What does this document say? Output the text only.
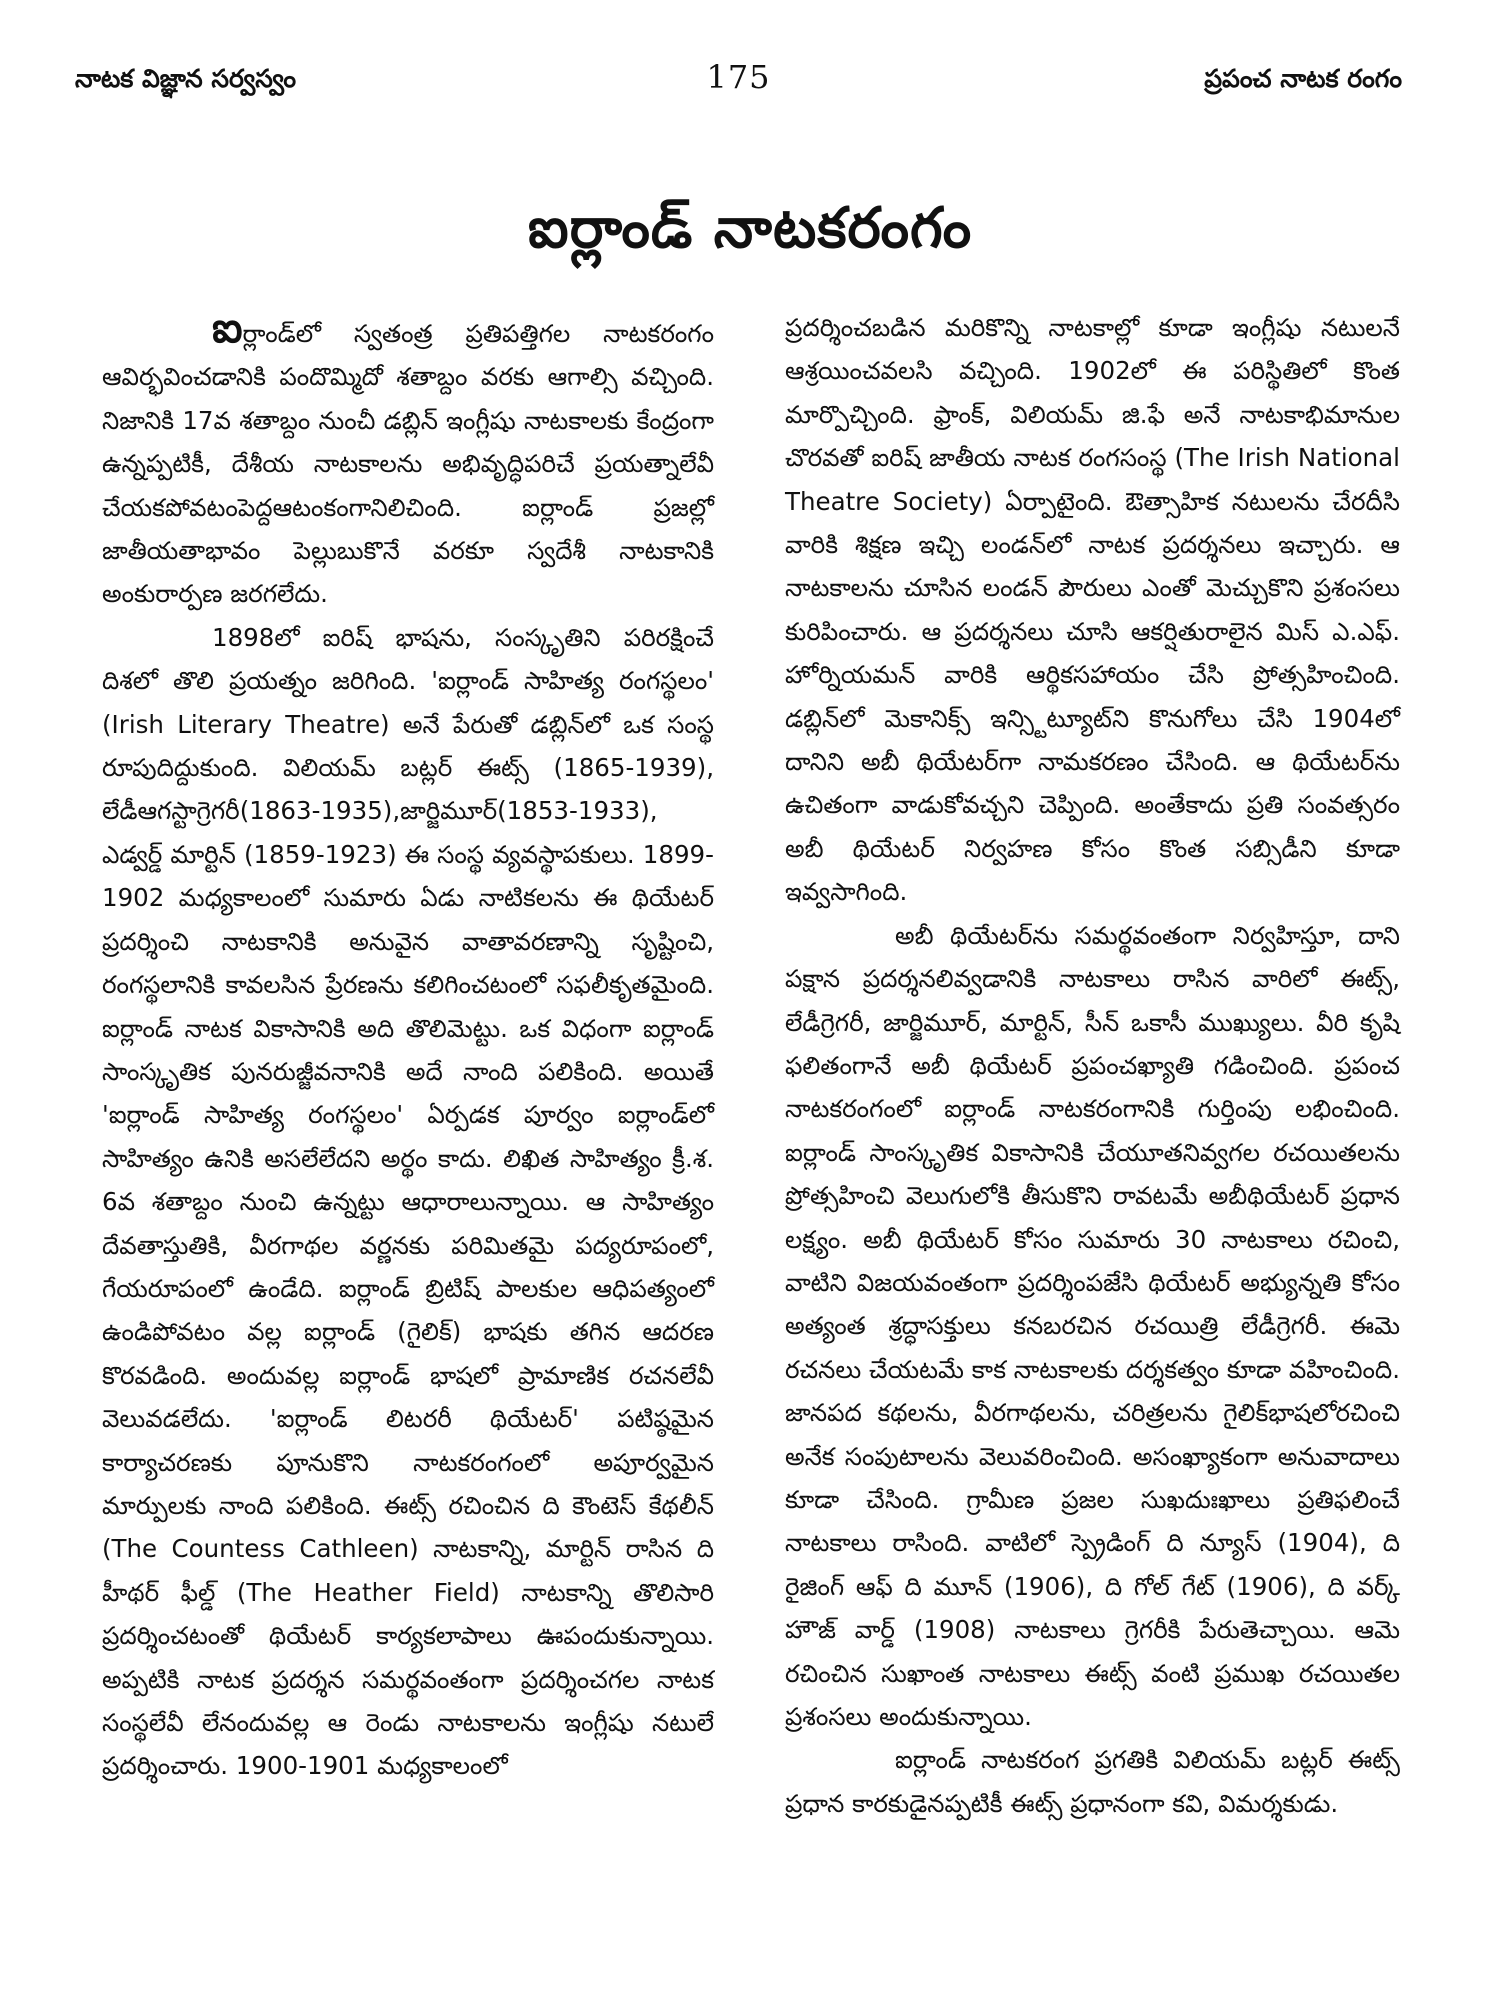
నాటక విజ్ఞాన సర్వస్వం	175	ప్రపంచ నాటక రంగం
ఐర్లాండ్ నాటకరంగం

ఐర్లాండ్‌లో స్వతంత్ర ప్రతిపత్తిగల నాటకరంగం ఆవిర్భవించడానికి పందొమ్మిదో శతాబ్దం వరకు ఆగాల్సి వచ్చింది. నిజానికి 17వ శతాబ్దం నుంచీ డబ్లిన్ ఇంగ్లీషు నాటకాలకు కేంద్రంగా ఉన్నప్పటికీ, దేశీయ నాటకాలను అభివృద్ధిపరిచే ప్రయత్నాలేవీ చేయకపోవటంపెద్దఆటంకంగానిలిచింది. ఐర్లాండ్ ప్రజల్లో జాతీయతాభావం పెల్లుబుకొనే వరకూ స్వదేశీ నాటకానికి అంకురార్పణ జరగలేదు.

1898లో ఐరిష్ భాషను, సంస్కృతిని పరిరక్షించే దిశలో తొలి ప్రయత్నం జరిగింది. 'ఐర్లాండ్ సాహిత్య రంగస్థలం' (Irish Literary Theatre) అనే పేరుతో డబ్లిన్‌లో ఒక సంస్థ రూపుదిద్దుకుంది. విలియమ్ బట్లర్ ఈట్స్ (1865-1939), లేడీఆగస్టాగ్రెగరీ(1863-1935),జార్జిమూర్(1853-1933), ఎడ్వర్డ్ మార్టిన్ (1859-1923) ఈ సంస్థ వ్యవస్థాపకులు. 1899-1902 మధ్యకాలంలో సుమారు ఏడు నాటికలను ఈ థియేటర్ ప్రదర్శించి నాటకానికి అనువైన వాతావరణాన్ని సృష్టించి, రంగస్థలానికి కావలసిన ప్రేరణను కలిగించటంలో సఫలీకృతమైంది. ఐర్లాండ్ నాటక వికాసానికి అది తొలిమెట్టు. ఒక విధంగా ఐర్లాండ్ సాంస్కృతిక పునరుజ్జీవనానికి అదే నాంది పలికింది. అయితే 'ఐర్లాండ్ సాహిత్య రంగస్థలం' ఏర్పడక పూర్వం ఐర్లాండ్‌లో సాహిత్యం ఉనికి అసలేలేదని అర్థం కాదు. లిఖిత సాహిత్యం క్రీ.శ. 6వ శతాబ్దం నుంచి ఉన్నట్టు ఆధారాలున్నాయి. ఆ సాహిత్యం దేవతాస్తుతికి, వీరగాథల వర్ణనకు పరిమితమై పద్యరూపంలో, గేయరూపంలో ఉండేది. ఐర్లాండ్ బ్రిటిష్ పాలకుల ఆధిపత్యంలో ఉండిపోవటం వల్ల ఐర్లాండ్ (గైలిక్) భాషకు తగిన ఆదరణ కొరవడింది. అందువల్ల ఐర్లాండ్ భాషలో ప్రామాణిక రచనలేవీ వెలువడలేదు. 'ఐర్లాండ్ లిటరరీ థియేటర్' పటిష్ఠమైన కార్యాచరణకు పూనుకొని నాటకరంగంలో అపూర్వమైన మార్పులకు నాంది పలికింది. ఈట్స్ రచించిన ది కౌంటెస్ కేథలీన్ (The Countess Cathleen) నాటకాన్ని, మార్టిన్ రాసిన ది హీథర్ ఫీల్డ్ (The Heather Field) నాటకాన్ని తొలిసారి ప్రదర్శించటంతో థియేటర్ కార్యకలాపాలు ఊపందుకున్నాయి. అప్పటికి నాటక ప్రదర్శన సమర్థవంతంగా ప్రదర్శించగల నాటక సంస్థలేవీ లేనందువల్ల ఆ రెండు నాటకాలను ఇంగ్లీషు నటులే ప్రదర్శించారు. 1900-1901 మధ్యకాలంలో

ప్రదర్శించబడిన మరికొన్ని నాటకాల్లో కూడా ఇంగ్లీషు నటులనే ఆశ్రయించవలసి వచ్చింది. 1902లో ఈ పరిస్థితిలో కొంత మార్పొచ్చింది. ఫ్రాంక్, విలియమ్ జి.ఫే అనే నాటకాభిమానుల చొరవతో ఐరిష్ జాతీయ నాటక రంగసంస్థ (The Irish National Theatre Society) ఏర్పాటైంది. ఔత్సాహిక నటులను చేరదీసి వారికి శిక్షణ ఇచ్చి లండన్‌లో నాటక ప్రదర్శనలు ఇచ్చారు. ఆ నాటకాలను చూసిన లండన్ పౌరులు ఎంతో మెచ్చుకొని ప్రశంసలు కురిపించారు. ఆ ప్రదర్శనలు చూసి ఆకర్షితురాలైన మిస్ ఎ.ఎఫ్. హోర్నియమన్ వారికి ఆర్థికసహాయం చేసి ప్రోత్సహించింది. డబ్లిన్‌లో మెకానిక్స్ ఇన్స్టిట్యూట్‌ని కొనుగోలు చేసి 1904లో దానిని అబీ థియేటర్‌గా నామకరణం చేసింది. ఆ థియేటర్‌ను ఉచితంగా వాడుకోవచ్చని చెప్పింది. అంతేకాదు ప్రతి సంవత్సరం అబీ థియేటర్ నిర్వహణ కోసం కొంత సబ్సిడీని కూడా ఇవ్వసాగింది.

అబీ థియేటర్‌ను సమర్థవంతంగా నిర్వహిస్తూ, దాని పక్షాన ప్రదర్శనలివ్వడానికి నాటకాలు రాసిన వారిలో ఈట్స్, లేడీగ్రెగరీ, జార్జిమూర్, మార్టిన్, సీన్ ఒకాసీ ముఖ్యులు. వీరి కృషి ఫలితంగానే అబీ థియేటర్ ప్రపంచఖ్యాతి గడించింది. ప్రపంచ నాటకరంగంలో ఐర్లాండ్ నాటకరంగానికి గుర్తింపు లభించింది. ఐర్లాండ్ సాంస్కృతిక వికాసానికి చేయూతనివ్వగల రచయితలను ప్రోత్సహించి వెలుగులోకి తీసుకొని రావటమే అబీథియేటర్ ప్రధాన లక్ష్యం. అబీ థియేటర్ కోసం సుమారు 30 నాటకాలు రచించి, వాటిని విజయవంతంగా ప్రదర్శింపజేసి థియేటర్ అభ్యున్నతి కోసం అత్యంత శ్రద్ధాసక్తులు కనబరచిన రచయిత్రి లేడీగ్రెగరీ. ఈమె రచనలు చేయటమే కాక నాటకాలకు దర్శకత్వం కూడా వహించింది. జానపద కథలను, వీరగాథలను, చరిత్రలను గైలిక్‌భాషలోరచించి అనేక సంపుటాలను వెలువరించింది. అసంఖ్యాకంగా అనువాదాలు కూడా చేసింది. గ్రామీణ ప్రజల సుఖదుఃఖాలు ప్రతిఫలించే నాటకాలు రాసింది. వాటిలో స్ప్రెడింగ్ ది న్యూస్ (1904), ది రైజింగ్ ఆఫ్ ది మూన్ (1906), ది గోల్ గేట్ (1906), ది వర్క్ హౌజ్ వార్డ్ (1908) నాటకాలు గ్రెగరీకి పేరుతెచ్చాయి. ఆమె రచించిన సుఖాంత నాటకాలు ఈట్స్ వంటి ప్రముఖ రచయితల ప్రశంసలు అందుకున్నాయి.

ఐర్లాండ్ నాటకరంగ ప్రగతికి విలియమ్ బట్లర్ ఈట్స్ ప్రధాన కారకుడైనప్పటికీ ఈట్స్ ప్రధానంగా కవి, విమర్శకుడు.
